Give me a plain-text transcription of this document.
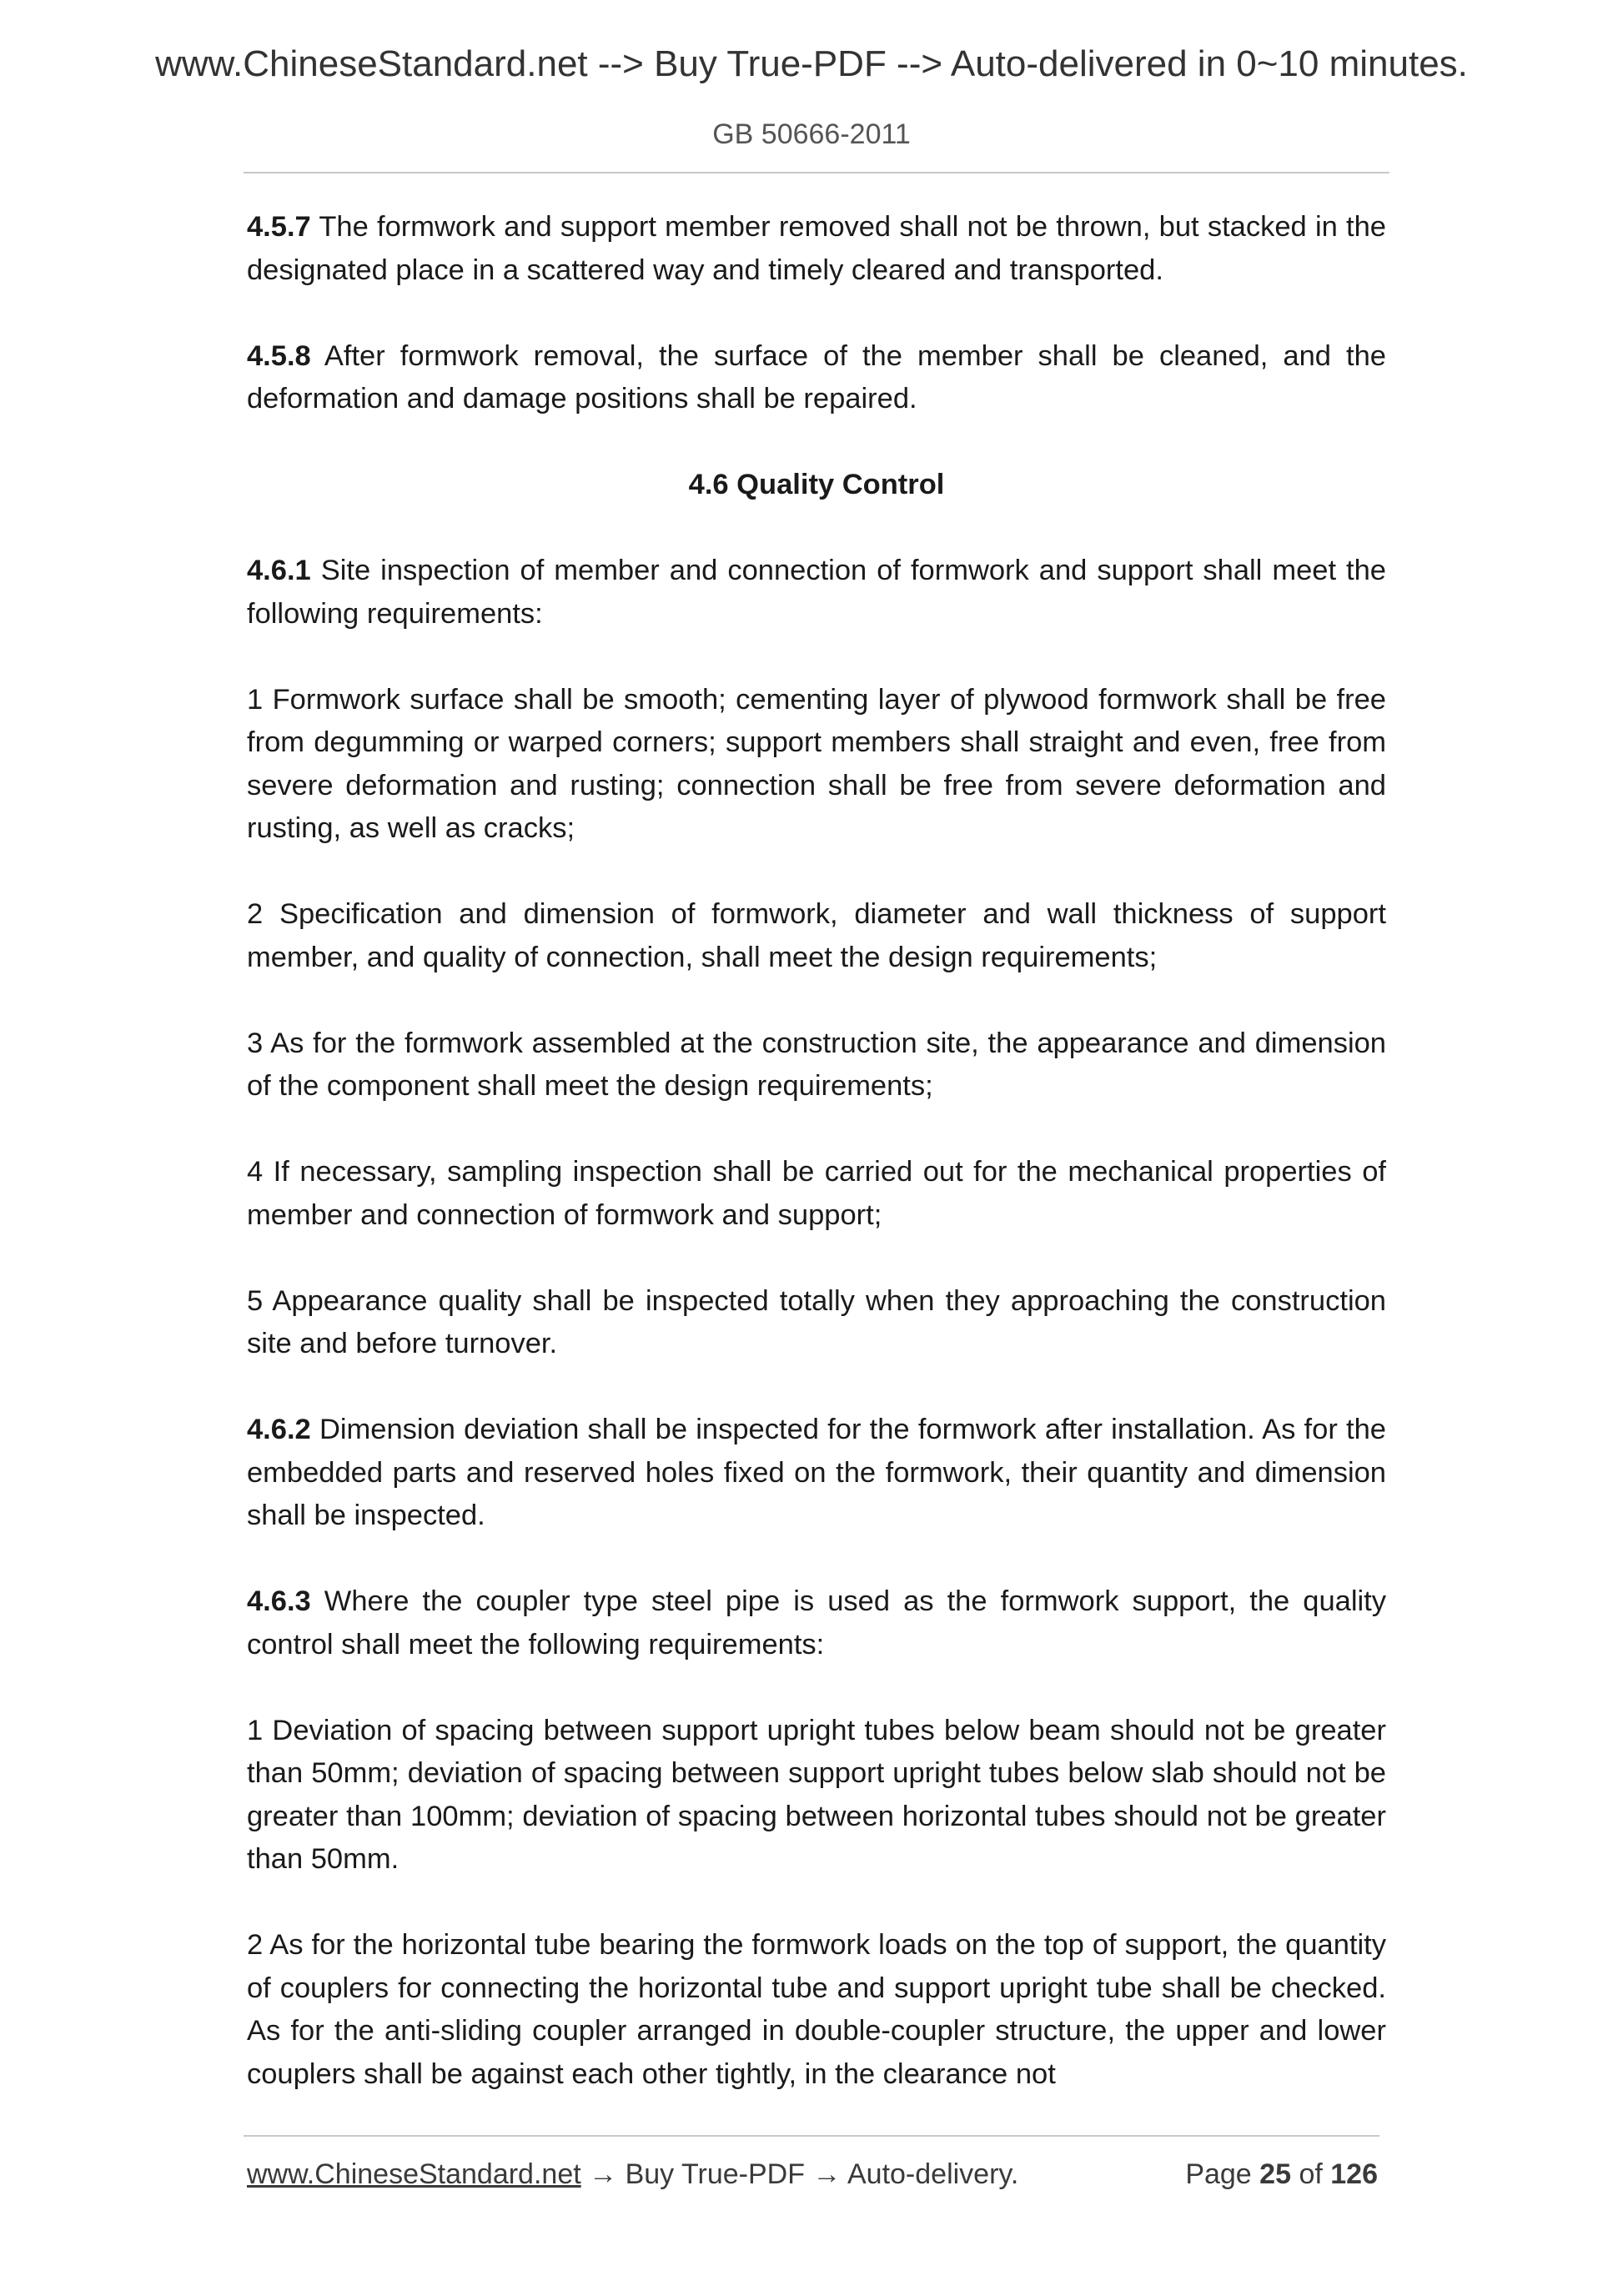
www.ChineseStandard.net --> Buy True-PDF --> Auto-delivered in 0~10 minutes.
GB 50666-2011

4.5.7 The formwork and support member removed shall not be thrown, but stacked in the designated place in a scattered way and timely cleared and transported.

4.5.8 After formwork removal, the surface of the member shall be cleaned, and the deformation and damage positions shall be repaired.

4.6 Quality Control

4.6.1 Site inspection of member and connection of formwork and support shall meet the following requirements:

1 Formwork surface shall be smooth; cementing layer of plywood formwork shall be free from degumming or warped corners; support members shall straight and even, free from severe deformation and rusting; connection shall be free from severe deformation and rusting, as well as cracks;

2 Specification and dimension of formwork, diameter and wall thickness of support member, and quality of connection, shall meet the design requirements;

3 As for the formwork assembled at the construction site, the appearance and dimension of the component shall meet the design requirements;

4 If necessary, sampling inspection shall be carried out for the mechanical properties of member and connection of formwork and support;

5 Appearance quality shall be inspected totally when they approaching the construction site and before turnover.

4.6.2 Dimension deviation shall be inspected for the formwork after installation. As for the embedded parts and reserved holes fixed on the formwork, their quantity and dimension shall be inspected.

4.6.3 Where the coupler type steel pipe is used as the formwork support, the quality control shall meet the following requirements:

1 Deviation of spacing between support upright tubes below beam should not be greater than 50mm; deviation of spacing between support upright tubes below slab should not be greater than 100mm; deviation of spacing between horizontal tubes should not be greater than 50mm.

2 As for the horizontal tube bearing the formwork loads on the top of support, the quantity of couplers for connecting the horizontal tube and support upright tube shall be checked. As for the anti-sliding coupler arranged in double-coupler structure, the upper and lower couplers shall be against each other tightly, in the clearance not

www.ChineseStandard.net → Buy True-PDF → Auto-delivery.	Page 25 of 126
